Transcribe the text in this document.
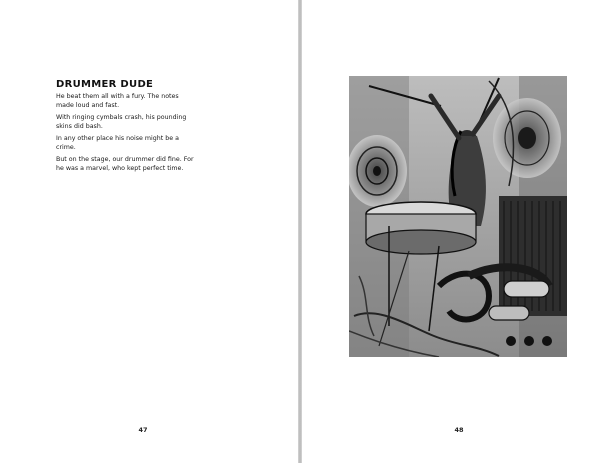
DRUMMER DUDE

He beat them all with a fury. The notes made loud and fast.

With ringing cymbals crash, his pounding skins did bash.

In any other place his noise might be a crime.

But on the stage, our drummer did fine. For he was a marvel, who kept perfect time.

47	48
